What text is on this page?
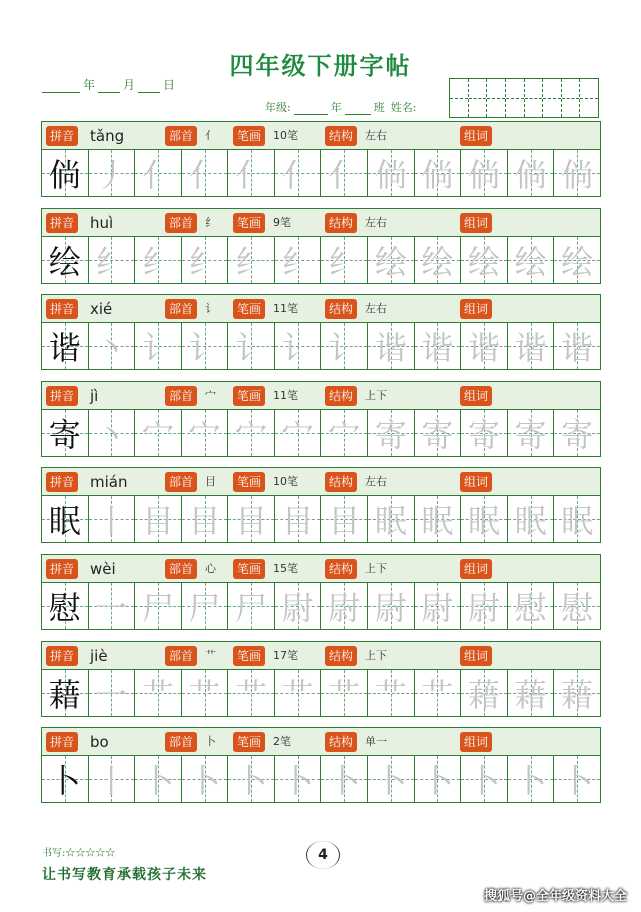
四年级下册字帖
年 月 日
年级:	年	班 姓名:
拼音 tǎng	部首	亻	笔画	10笔	结构	左右	组词
倘 丿 亻 亻 亻 亻 亻 倘 倘 倘 倘 倘
拼音 huì	部首	纟	笔画	9笔	结构	左右	组词
绘 纟 纟 纟 纟 纟 纟 绘 绘 绘 绘 绘
拼音 xié	部首	讠	笔画	11笔	结构	左右	组词
谐 丶 讠 讠 讠 讠 讠 谐 谐 谐 谐 谐
拼音 jì	部首	宀	笔画	11笔	结构	上下	组词
寄 丶 宀 宀 宀 宀 宀 寄 寄 寄 寄 寄
拼音 mián	部首	目	笔画	10笔	结构	左右	组词
眠 丨 目 目 目 目 目 眠 眠 眠 眠 眠
拼音 wèi	部首	心	笔画	15笔	结构	上下	组词
慰 一 尸 尸 尸 尉 尉 尉 尉 尉 慰 慰
拼音 jiè	部首	艹	笔画	17笔	结构	上下	组词
藉 一 艹 艹 艹 艹 艹 艹 艹 藉 藉 藉
拼音 bo	部首	卜	笔画	2笔	结构	单一	组词
卜 丨 卜 卜 卜 卜 卜 卜 卜 卜 卜 卜
书写:☆☆☆☆☆
让书写教育承载孩子未来
4
搜狐号@全年级资料大全
